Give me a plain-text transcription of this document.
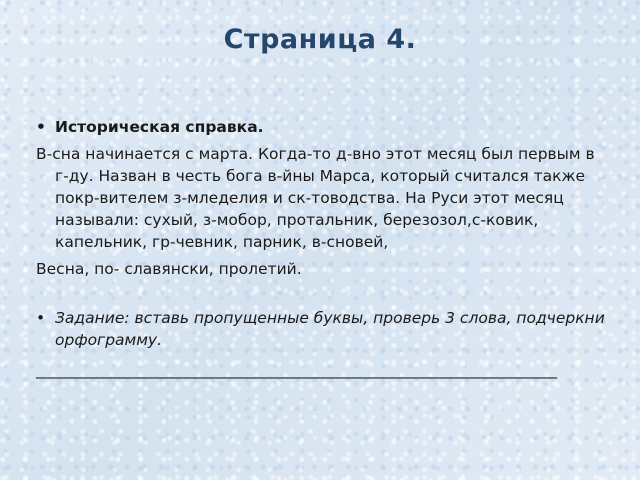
Страница 4.
• Историческая справка.
В-сна начинается с марта. Когда-то д-вно этот месяц был первым в г-ду. Назван в честь бога в-йны Марса, который считался также покр-вителем з-мледелия и ск-товодства. На Руси этот месяц называли: сухый, з-мобор, протальник, березозол,с-ковик, капельник, гр-чевник, парник, в-сновей,
Весна, по- славянски, пролетий.
• Задание: вставь пропущенные буквы, проверь 3 слова, подчеркни орфограмму.
_____________________________________________________________________
